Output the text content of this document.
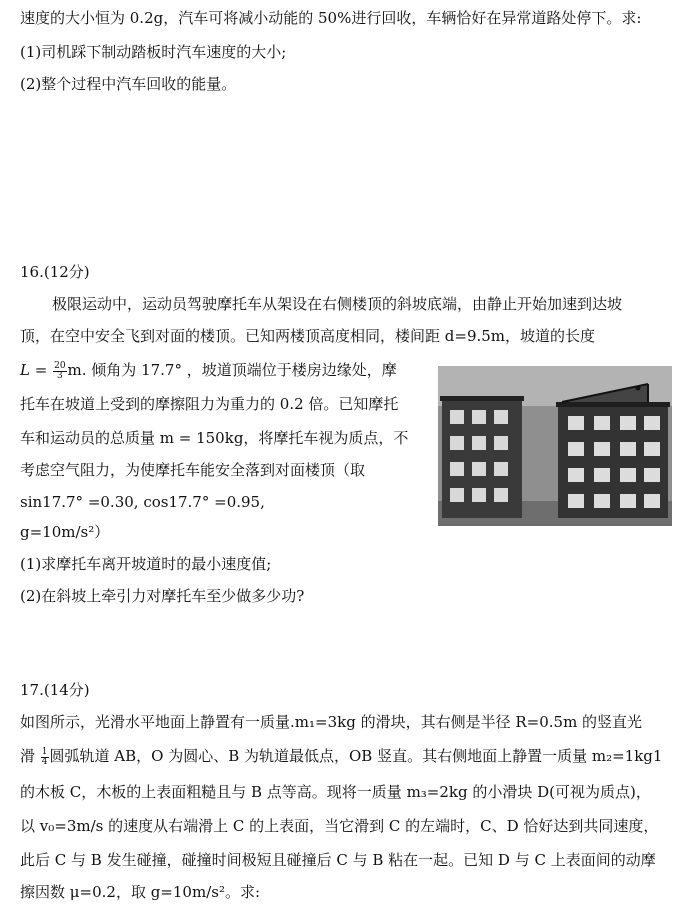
速度的大小恒为 0.2g，汽车可将减小动能的 50%进行回收，车辆恰好在异常道路处停下。求:
(1)司机踩下制动踏板时汽车速度的大小;
(2)整个过程中汽车回收的能量。
16.(12分)
极限运动中，运动员驾驶摩托车从架设在右侧楼顶的斜坡底端，由静止开始加速到达坡
顶，在空中安全飞到对面的楼顶。已知两楼顶高度相同，楼间距 d=9.5m，坡道的长度
$L = \frac{20}{3} m$. 倾角为 17.7° ，坡道顶端位于楼房边缘处，摩
托车在坡道上受到的摩擦阻力为重力的 0.2 倍。已知摩托
车和运动员的总质量 m = 150kg，将摩托车视为质点，不
考虑空气阻力，为使摩托车能安全落到对面楼顶（取
sin17.7° =0.30, cos17.7° =0.95,
g=10m/s²）
(1)求摩托车离开坡道时的最小速度值;
(2)在斜坡上牵引力对摩托车至少做多少功?
17.(14分)
如图所示，光滑水平地面上静置有一质量.m₁=3kg 的滑块，其右侧是半径 R=0.5m 的竖直光
滑 $\frac{1}{4}$ 圆弧轨道 AB，O 为圆心、B 为轨道最低点，OB 竖直。其右侧地面上静置一质量 m₂=1kg1
的木板 C，木板的上表面粗糙且与 B 点等高。现将一质量 m₃=2kg 的小滑块 D(可视为质点)，
以 v₀=3m/s 的速度从右端滑上 C 的上表面，当它滑到 C 的左端时，C、D 恰好达到共同速度，
此后 C 与 B 发生碰撞，碰撞时间极短且碰撞后 C 与 B 粘在一起。已知 D 与 C 上表面间的动摩
擦因数 μ=0.2，取 g=10m/s²。求:
